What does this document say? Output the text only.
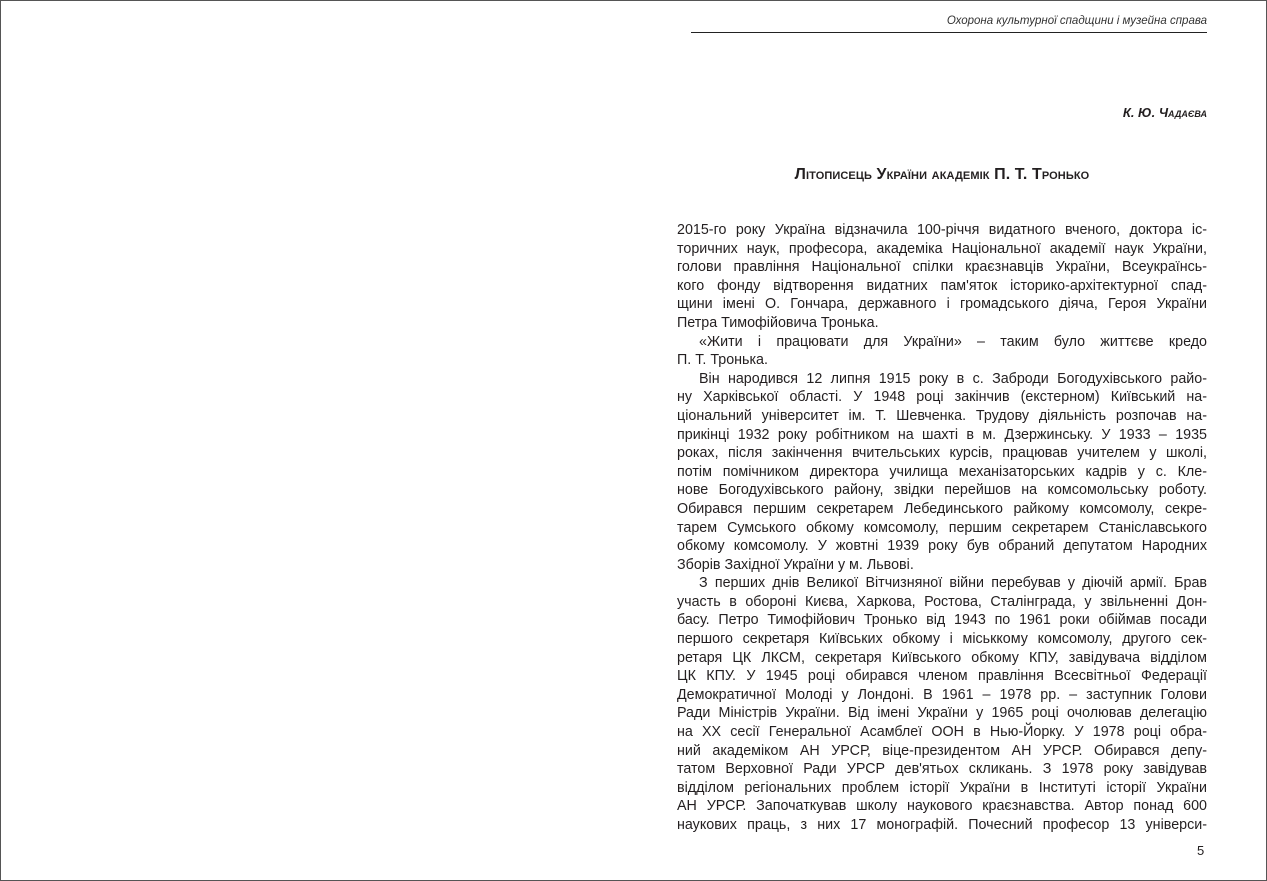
Охорона культурної спадщини і музейна справа
К. Ю. Чадаєва
Літописець України академік П. Т. Тронько
2015-го року Україна відзначила 100-річчя видатного вченого, доктора іс-
торичних наук, професора, академіка Національної академії наук України,
голови правління Національної спілки краєзнавців України, Всеукраїнсь-
кого фонду відтворення видатних пам'яток історико-архітектурної спад-
щини імені О. Гончара, державного і громадського діяча, Героя України
Петра Тимофійовича Тронька.
«Жити і працювати для України» – таким було життєве кредо
П. Т. Тронька.
Він народився 12 липня 1915 року в с. Заброди Богодухівського райо-
ну Харківської області. У 1948 році закінчив (екстерном) Київський на-
ціональний університет ім. Т. Шевченка. Трудову діяльність розпочав на-
прикінці 1932 року робітником на шахті в м. Дзержинську. У 1933 – 1935
роках, після закінчення вчительських курсів, працював учителем у школі,
потім помічником директора училища механізаторських кадрів у с. Кле-
нове Богодухівського району, звідки перейшов на комсомольську роботу.
Обирався першим секретарем Лебединського райкому комсомолу, секре-
тарем Сумського обкому комсомолу, першим секретарем Станіславського
обкому комсомолу. У жовтні 1939 року був обраний депутатом Народних
Зборів Західної України у м. Львові.
З перших днів Великої Вітчизняної війни перебував у діючій армії. Брав
участь в обороні Києва, Харкова, Ростова, Сталінграда, у звільненні Дон-
басу. Петро Тимофійович Тронько від 1943 по 1961 роки обіймав посади
першого секретаря Київських обкому і міськкому комсомолу, другого сек-
ретаря ЦК ЛКСМ, секретаря Київського обкому КПУ, завідувача відділом
ЦК КПУ. У 1945 році обирався членом правління Всесвітньої Федерації
Демократичної Молоді у Лондоні. В 1961 – 1978 рр. – заступник Голови
Ради Міністрів України. Від імені України у 1965 році очолював делегацію
на XX сесії Генеральної Асамблеї ООН в Нью-Йорку. У 1978 році обра-
ний академіком АН УРСР, віце-президентом АН УРСР. Обирався депу-
татом Верховної Ради УРСР дев'ятьох скликань. З 1978 року завідував
відділом регіональних проблем історії України в Інституті історії України
АН УРСР. Започаткував школу наукового краєзнавства. Автор понад 600
наукових праць, з них 17 монографій. Почесний професор 13 універси-
5
